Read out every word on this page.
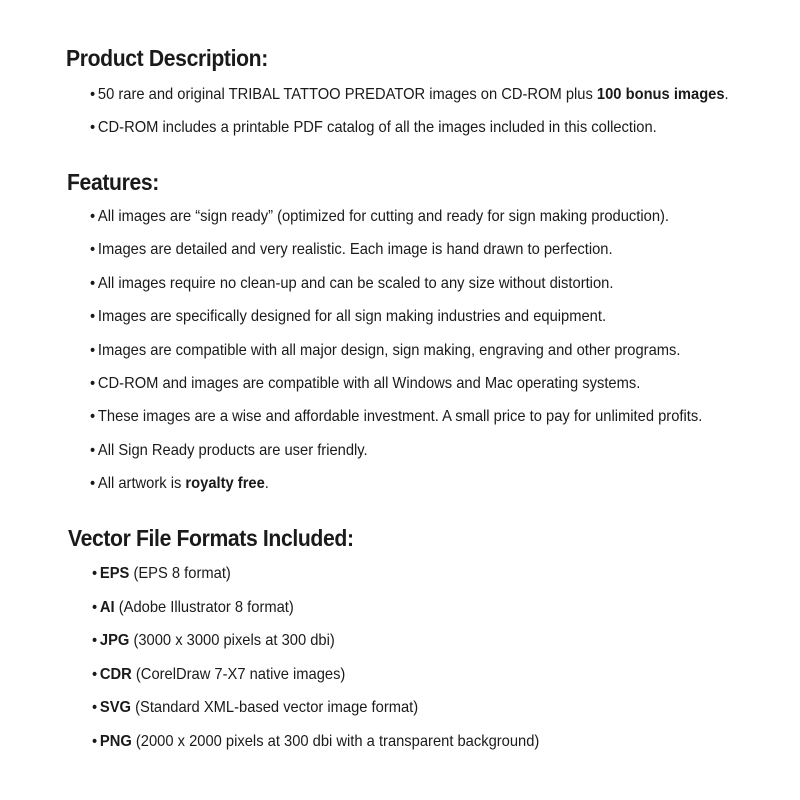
Product Description:
• 50 rare and original TRIBAL TATTOO PREDATOR images on CD-ROM plus 100 bonus images.
• CD-ROM includes a printable PDF catalog of all the images included in this collection.
Features:
• All images are “sign ready” (optimized for cutting and ready for sign making production).
• Images are detailed and very realistic. Each image is hand drawn to perfection.
• All images require no clean-up and can be scaled to any size without distortion.
• Images are specifically designed for all sign making industries and equipment.
• Images are compatible with all major design, sign making, engraving and other programs.
• CD-ROM and images are compatible with all Windows and Mac operating systems.
• These images are a wise and affordable investment. A small price to pay for unlimited profits.
• All Sign Ready products are user friendly.
• All artwork is royalty free.
Vector File Formats Included:
• EPS (EPS 8 format)
• AI (Adobe Illustrator 8 format)
• JPG (3000 x 3000 pixels at 300 dbi)
• CDR (CorelDraw 7-X7 native images)
• SVG (Standard XML-based vector image format)
• PNG (2000 x 2000 pixels at 300 dbi with a transparent background)
